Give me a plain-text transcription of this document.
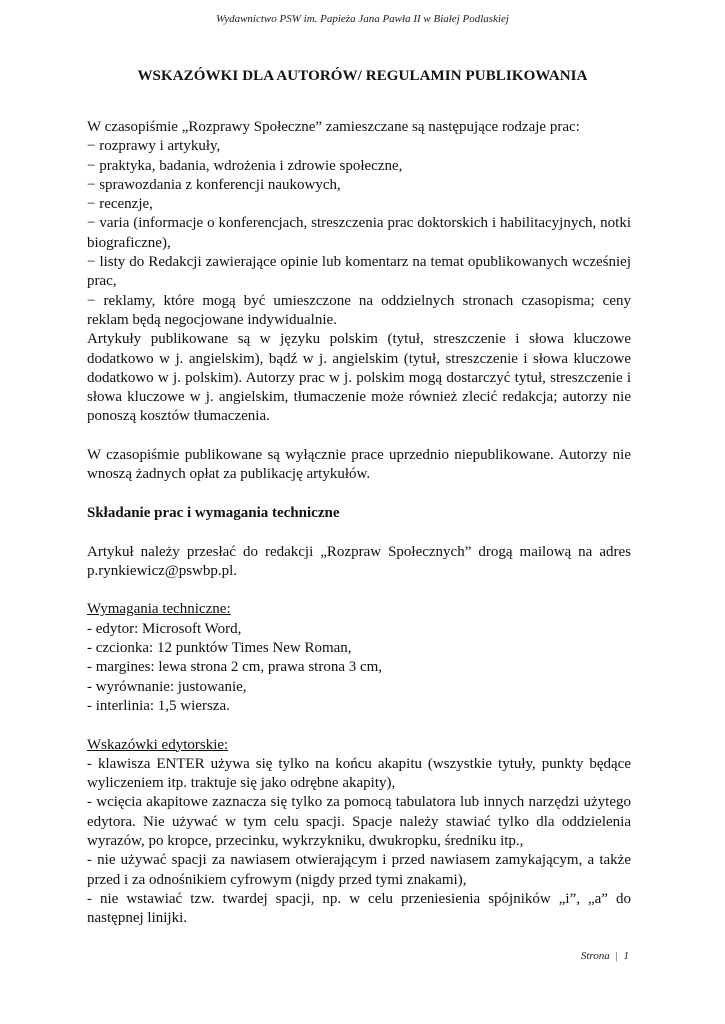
Wydawnictwo PSW im. Papieża Jana Pawła II w Białej Podlaskiej
WSKAZÓWKI DLA AUTORÓW/ REGULAMIN PUBLIKOWANIA

W czasopiśmie „Rozprawy Społeczne” zamieszczane są następujące rodzaje prac:

− rozprawy i artykuły,

− praktyka, badania, wdrożenia i zdrowie społeczne,

− sprawozdania z konferencji naukowych,

− recenzje,

− varia (informacje o konferencjach, streszczenia prac doktorskich i habilitacyjnych, notki biograficzne),

− listy do Redakcji zawierające opinie lub komentarz na temat opublikowanych wcześniej prac,

− reklamy, które mogą być umieszczone na oddzielnych stronach czasopisma; ceny reklam będą negocjowane indywidualnie.

Artykuły publikowane są w języku polskim (tytuł, streszczenie i słowa kluczowe dodatkowo w j. angielskim), bądź w j. angielskim (tytuł, streszczenie i słowa kluczowe dodatkowo w j. polskim). Autorzy prac w j. polskim mogą dostarczyć tytuł, streszczenie i słowa kluczowe w j. angielskim, tłumaczenie może również zlecić redakcja; autorzy nie ponoszą kosztów tłumaczenia.

W czasopiśmie publikowane są wyłącznie prace uprzednio niepublikowane. Autorzy nie wnoszą żadnych opłat za publikację artykułów.

Składanie prac i wymagania techniczne

Artykuł należy przesłać do redakcji „Rozpraw Społecznych” drogą mailową na adres p.rynkiewicz@pswbp.pl.

Wymagania techniczne:

- edytor: Microsoft Word,

- czcionka: 12 punktów Times New Roman,

- margines: lewa strona 2 cm, prawa strona 3 cm,

- wyrównanie: justowanie,

- interlinia: 1,5 wiersza.

Wskazówki edytorskie:

- klawisza ENTER używa się tylko na końcu akapitu (wszystkie tytuły, punkty będące wyliczeniem itp. traktuje się jako odrębne akapity),

- wcięcia akapitowe zaznacza się tylko za pomocą tabulatora lub innych narzędzi użytego edytora. Nie używać w tym celu spacji. Spacje należy stawiać tylko dla oddzielenia wyrazów, po kropce, przecinku, wykrzykniku, dwukropku, średniku itp.,

- nie używać spacji za nawiasem otwierającym i przed nawiasem zamykającym, a także przed i za odnośnikiem cyfrowym (nigdy przed tymi znakami),

- nie wstawiać tzw. twardej spacji, np. w celu przeniesienia spójników „i”, „a” do następnej linijki.

Strona | 1
